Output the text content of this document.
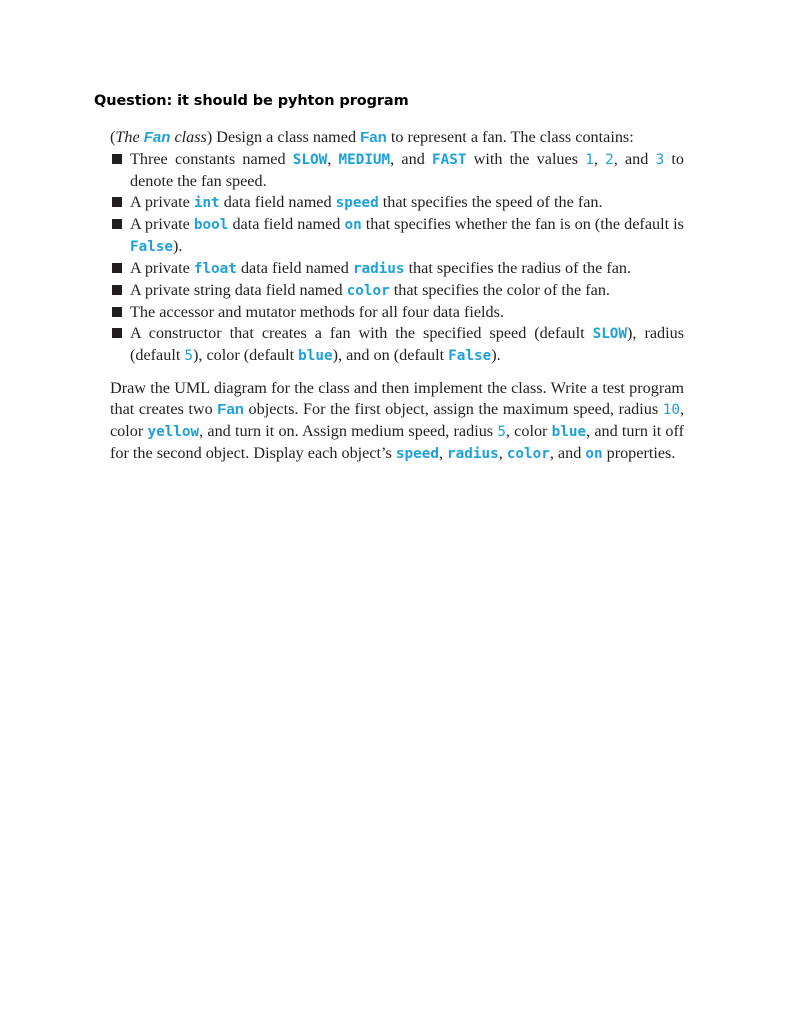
Question: it should be pyhton program

(The Fan class) Design a class named Fan to represent a fan. The class contains:

Three constants named SLOW, MEDIUM, and FAST with the values 1, 2, and 3 to denote the fan speed.
A private int data field named speed that specifies the speed of the fan.
A private bool data field named on that specifies whether the fan is on (the default is False).
A private float data field named radius that specifies the radius of the fan.
A private string data field named color that specifies the color of the fan.
The accessor and mutator methods for all four data fields.
A constructor that creates a fan with the specified speed (default SLOW), radius (default 5), color (default blue), and on (default False).

Draw the UML diagram for the class and then implement the class. Write a test program that creates two Fan objects. For the first object, assign the maximum speed, radius 10, color yellow, and turn it on. Assign medium speed, radius 5, color blue, and turn it off for the second object. Display each object’s speed, radius, color, and on properties.
